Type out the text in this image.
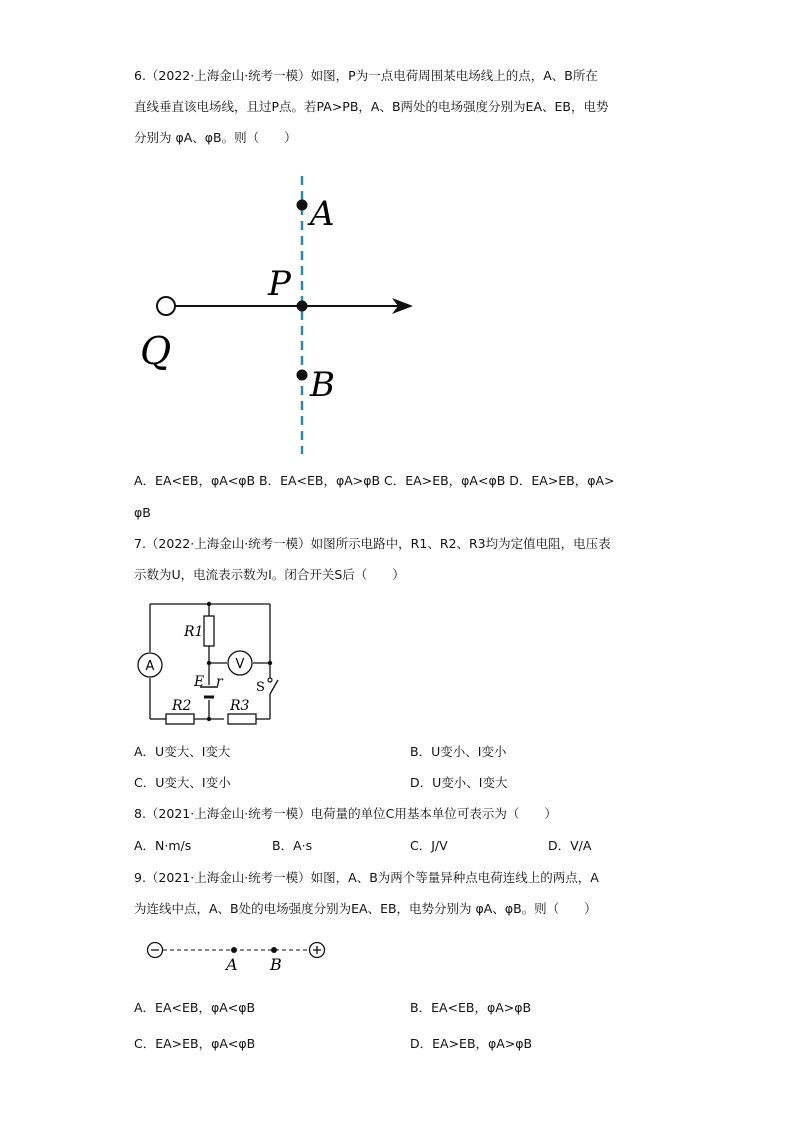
6.（2022·上海金山·统考一模）如图，P为一点电荷周围某电场线上的点，A、B所在
直线垂直该电场线，且过P点。若PA>PB，A、B两处的电场强度分别为EA、EB，电势
分别为 φA、φB。则（　　）
A
P
B
Q
A．EA<EB，φA<φB B．EA<EB，φA>φB C．EA>EB，φA<φB D．EA>EB，φA>
φB
7.（2022·上海金山·统考一模）如图所示电路中，R1、R2、R3均为定值电阻，电压表
示数为U，电流表示数为I。闭合开关S后（　　）
A	V
R1
R2	R3
E r	S
A．U变大、I变大	B．U变小、I变小
C．U变大、I变小	D．U变小、I变大
8.（2021·上海金山·统考一模）电荷量的单位C用基本单位可表示为（　　）
A．N·m/s	B．A·s	C．J/V	D．V/A
9.（2021·上海金山·统考一模）如图，A、B为两个等量异种点电荷连线上的两点，A
为连线中点，A、B处的电场强度分别为EA、EB，电势分别为 φA、φB。则（　　）
A B
A．EA<EB，φA<φB	B．EA<EB，φA>φB
C．EA>EB，φA<φB	D．EA>EB，φA>φB
